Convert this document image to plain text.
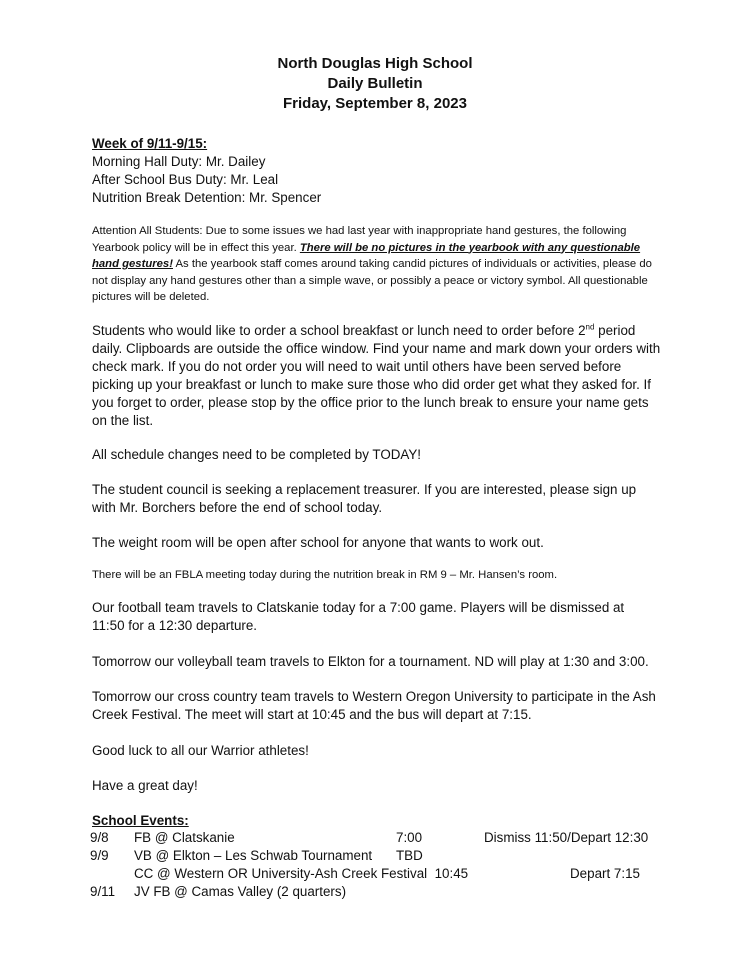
North Douglas High School
Daily Bulletin
Friday, September 8, 2023
Week of 9/11-9/15:
Morning Hall Duty: Mr. Dailey
After School Bus Duty: Mr. Leal
Nutrition Break Detention: Mr. Spencer
Attention All Students: Due to some issues we had last year with inappropriate hand gestures, the following Yearbook policy will be in effect this year. There will be no pictures in the yearbook with any questionable hand gestures! As the yearbook staff comes around taking candid pictures of individuals or activities, please do not display any hand gestures other than a simple wave, or possibly a peace or victory symbol. All questionable pictures will be deleted.
Students who would like to order a school breakfast or lunch need to order before 2nd period daily. Clipboards are outside the office window. Find your name and mark down your orders with check mark. If you do not order you will need to wait until others have been served before picking up your breakfast or lunch to make sure those who did order get what they asked for. If you forget to order, please stop by the office prior to the lunch break to ensure your name gets on the list.
All schedule changes need to be completed by TODAY!
The student council is seeking a replacement treasurer. If you are interested, please sign up with Mr. Borchers before the end of school today.
The weight room will be open after school for anyone that wants to work out.
There will be an FBLA meeting today during the nutrition break in RM 9 – Mr. Hansen’s room.
Our football team travels to Clatskanie today for a 7:00 game. Players will be dismissed at 11:50 for a 12:30 departure.
Tomorrow our volleyball team travels to Elkton for a tournament. ND will play at 1:30 and 3:00.
Tomorrow our cross country team travels to Western Oregon University to participate in the Ash Creek Festival. The meet will start at 10:45 and the bus will depart at 7:15.
Good luck to all our Warrior athletes!
Have a great day!
School Events:
9/8	FB @ Clatskanie	7:00	Dismiss 11:50/Depart 12:30
9/9	VB @ Elkton – Les Schwab Tournament	TBD	
	CC @ Western OR University-Ash Creek Festival 10:45		Depart 7:15
9/11	JV FB @ Camas Valley (2 quarters)		
